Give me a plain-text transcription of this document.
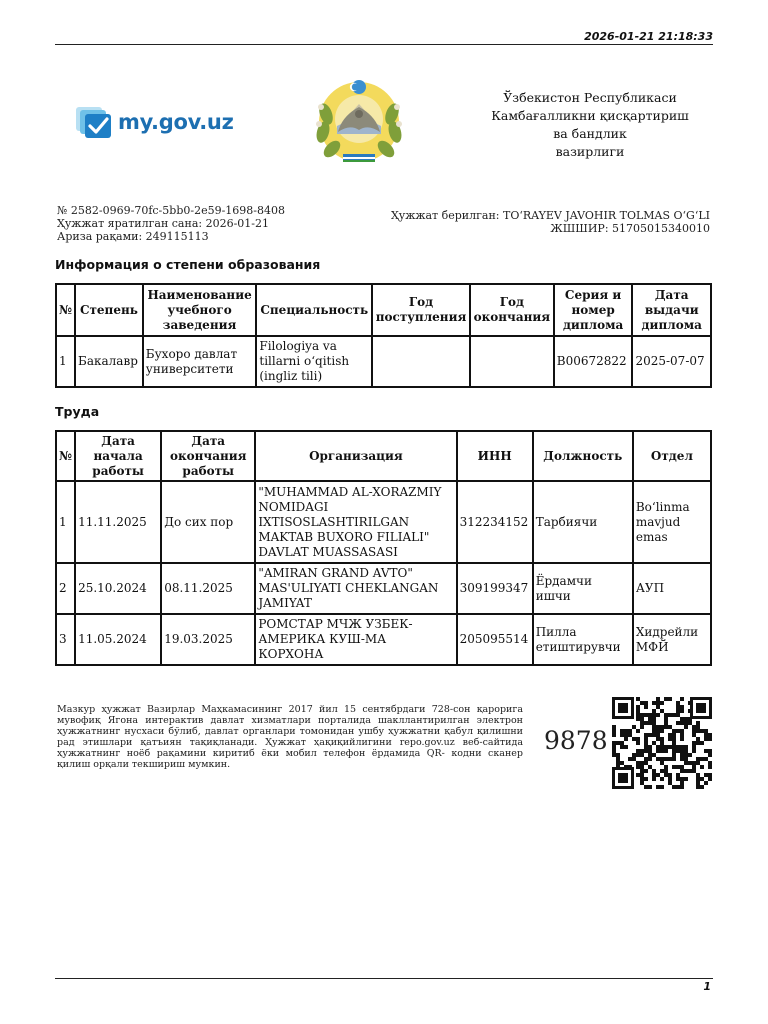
2026-01-21 21:18:33
my.gov.uz
Ўзбекистон Республикаси
Камбағалликни қисқартириш
ва бандлик
вазирлиги
№ 2582-0969-70fc-5bb0-2e59-1698-8408
Ҳужжат яратилган сана: 2026-01-21
Ариза рақами: 249115113
Ҳужжат берилган: TO‘RAYEV JAVOHIR TOLMAS O‘G‘LI
ЖШШИР: 51705015340010
Информация о степени образования
№	Степень	Наименование учебного заведения	Специальность	Год поступления	Год окончания	Серия и номер диплома	Дата выдачи диплома
1	Бакалавр	Бухоро давлат университети	Filologiya va tillarni o‘qitish (ingliz tili)			B00672822	2025-07-07
Труда
№	Дата начала работы	Дата окончания работы	Организация	ИНН	Должность	Отдел
1	11.11.2025	До сих пор	"MUHAMMAD AL-XORAZMIY NOMIDAGI IXTISOSLASHTIRILGAN MAKTAB BUXORO FILIALI" DAVLAT MUASSASASI	312234152	Тарбиячи	Bo‘linma mavjud emas
2	25.10.2024	08.11.2025	"AMIRAN GRAND AVTO" MAS'ULIYATI CHEKLANGAN JAMIYAT	309199347	Ёрдамчи ишчи	АУП
3	11.05.2024	19.03.2025	РОМСТАР МЧЖ УЗБЕК-АМЕРИКА КУШ-МА КОРХОНА	205095514	Пилла етиштирувчи	Хидрейли МФЙ
Мазкур ҳужжат Вазирлар Маҳкамасининг 2017 йил 15 сентябрдаги 728-сон қарорига мувофиқ Ягона интерактив давлат хизматлари порталида шакллантирилган электрон ҳужжатнинг нусхаси бўлиб, давлат органлари томонидан ушбу ҳужжатни қабул қилишни рад этишлари қатъиян тақиқланади. Ҳужжат ҳақиқийлигини repo.gov.uz веб-сайтида ҳужжатнинг ноёб рақамини киритиб ёки мобил телефон ёрдамида QR- кодни сканер қилиш орқали текшириш мумкин.
9878
1
